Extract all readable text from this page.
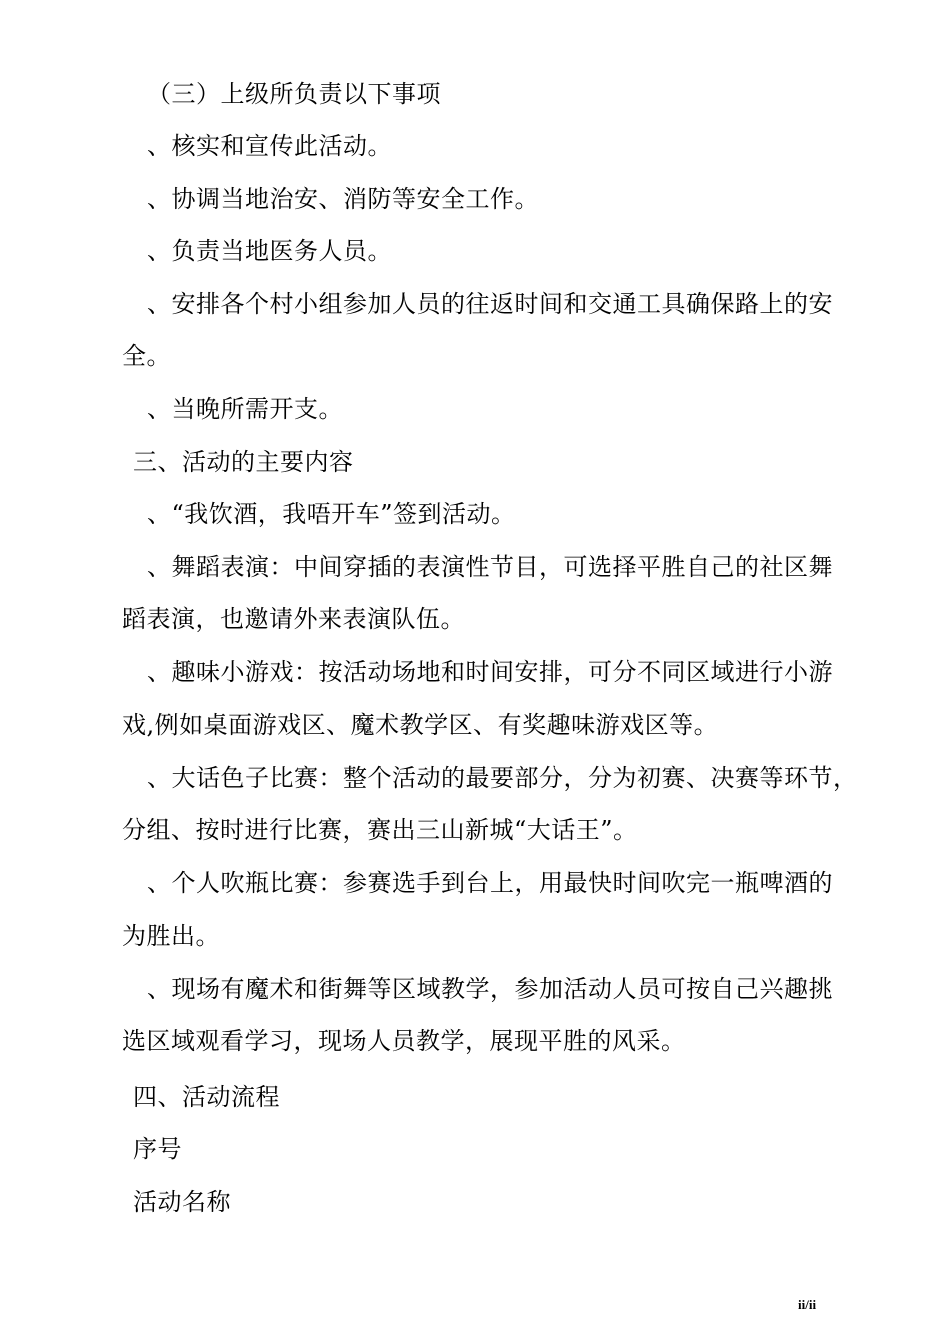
（三）上级所负责以下事项
、核实和宣传此活动。
、协调当地治安、消防等安全工作。
、负责当地医务人员。
、安排各个村小组参加人员的往返时间和交通工具确保路上的安
全。
、当晚所需开支。
三、活动的主要内容
、“我饮酒，我唔开车”签到活动。
、舞蹈表演：中间穿插的表演性节目，可选择平胜自己的社区舞
蹈表演，也邀请外来表演队伍。
、趣味小游戏：按活动场地和时间安排，可分不同区域进行小游
戏,例如桌面游戏区、魔术教学区、有奖趣味游戏区等。
、大话色子比赛：整个活动的最要部分，分为初赛、决赛等环节，
分组、按时进行比赛，赛出三山新城“大话王”。
、个人吹瓶比赛：参赛选手到台上，用最快时间吹完一瓶啤酒的
为胜出。
、现场有魔术和街舞等区域教学，参加活动人员可按自己兴趣挑
选区域观看学习，现场人员教学，展现平胜的风采。
四、活动流程
序号
活动名称
ii/ii
